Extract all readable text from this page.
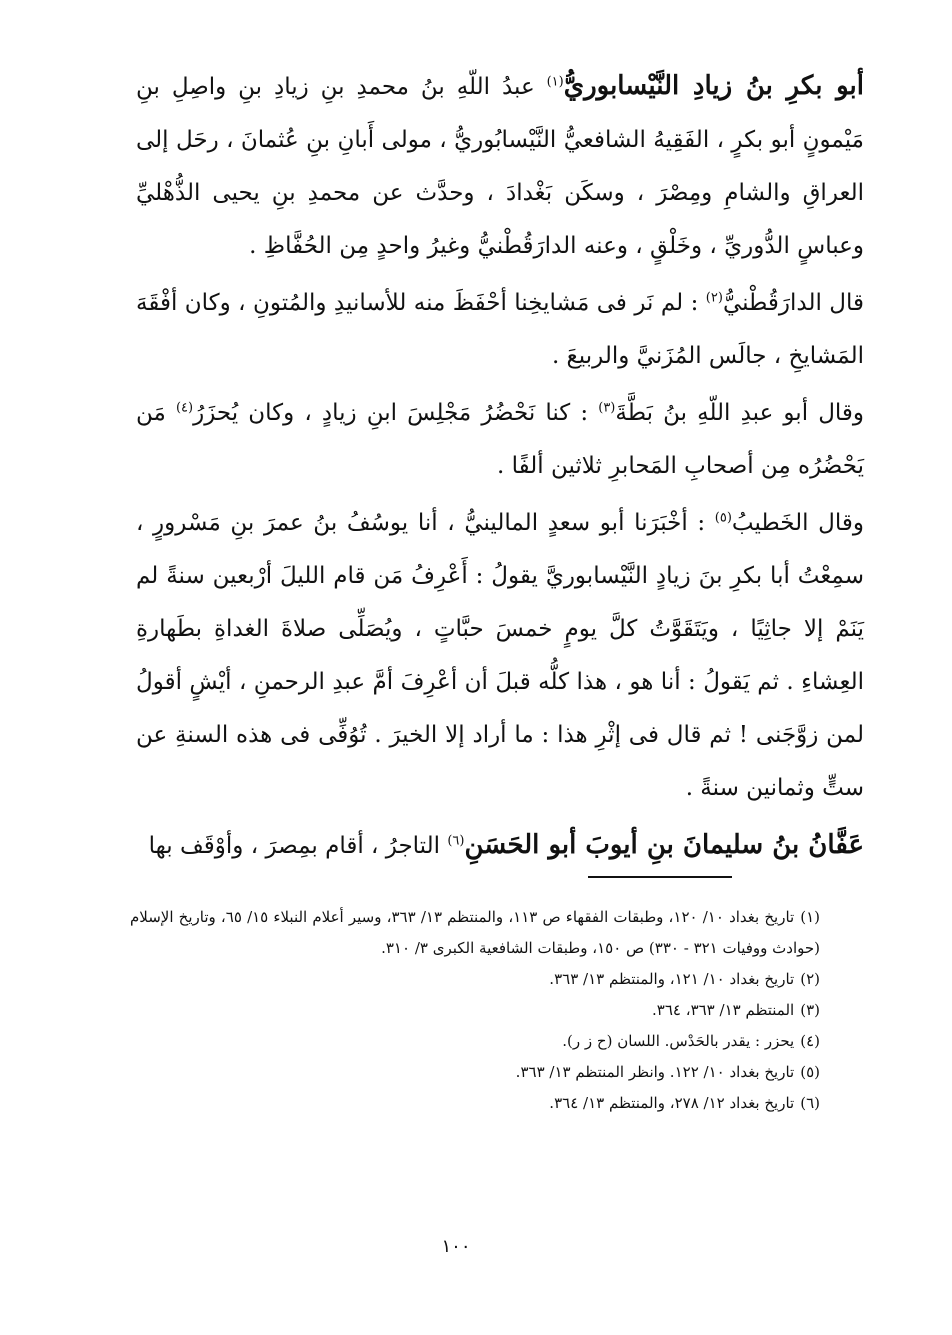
أبو بكرِ بنُ زيادِ النَّيْسابوريُّ$^{(١)}$ عبدُ اللّهِ بنُ محمدِ بنِ زيادِ بنِ واصِلِ بنِ مَيْمونٍ أبو بكرٍ ، الفَقِيهُ الشافعيُّ النَّيْسابُوريُّ ، مولى أَبانِ بنِ عُثمانَ ، رحَل إلى العراقِ والشامِ ومِصْرَ ، وسكَن بَغْدادَ ، وحدَّث عن محمدِ بنِ يحيى الذُّهْليِّ وعباسٍ الدُّوريِّ ، وخَلْقٍ ، وعنه الدارَقُطْنيُّ وغيرُ واحدٍ مِن الحُفَّاظِ .

قال الدارَقُطْنيُّ$^{(٢)}$ : لم نَر فى مَشايخِنا أحْفَظَ منه للأسانيدِ والمُتونِ ، وكان أفْقَهَ المَشايخِ ، جالَس المُزَنيَّ والربيعَ .

وقال أبو عبدِ اللّهِ بنُ بَطَّةَ$^{(٣)}$ : كنا نَحْضُرُ مَجْلِسَ ابنِ زيادٍ ، وكان يُحزَرُ$^{(٤)}$ مَن يَحْضُرُه مِن أصحابِ المَحابرِ ثلاثين ألفًا .

وقال الخَطيبُ$^{(٥)}$ : أخْبَرَنا أبو سعدٍ المالينيُّ ، أنا يوسُفُ بنُ عمرَ بنِ مَسْرورٍ ، سمِعْتُ أبا بكرِ بنَ زيادٍ النَّيْسابوريَّ يقولُ : أَعْرِفُ مَن قام الليلَ أرْبعين سنةً لم يَنَمْ إلا جاثِيًا ، ويَتَقَوَّتُ كلَّ يومٍ خمسَ حبَّاتٍ ، ويُصَلِّى صلاةَ الغداةِ بطَهارةِ العِشاءِ . ثم يَقولُ : أنا هو ، هذا كلُّه قبلَ أن أعْرِفَ أمَّ عبدِ الرحمنِ ، أيْشٍ أقولُ لمن زوَّجَنى ! ثم قال فى إثْرِ هذا : ما أراد إلا الخيرَ . تُوُفِّى فى هذه السنةِ عن ستٍّ وثمانين سنةً .

عَفَّانُ بنُ سليمانَ بنِ أيوبَ أبو الحَسَنِ$^{(٦)}$ التاجرُ ، أقام بمِصرَ ، وأوْقَف بها

(١)تاريخ بغداد ١٠/ ١٢٠، وطبقات الفقهاء ص ١١٣، والمنتظم ١٣/ ٣٦٣، وسير أعلام النبلاء ١٥/ ٦٥، وتاريخ الإسلام (حوادث ووفيات ٣٢١ - ٣٣٠) ص ١٥٠، وطبقات الشافعية الكبرى ٣/ ٣١٠.

(٢)تاريخ بغداد ١٠/ ١٢١، والمنتظم ١٣/ ٣٦٣.

(٣)المنتظم ١٣/ ٣٦٣، ٣٦٤.

(٤)يحزر : يقدر بالحَدْس. اللسان (ح ز ر).

(٥)تاريخ بغداد ١٠/ ١٢٢. وانظر المنتظم ١٣/ ٣٦٣.

(٦)تاريخ بغداد ١٢/ ٢٧٨، والمنتظم ١٣/ ٣٦٤.

١٠٠
